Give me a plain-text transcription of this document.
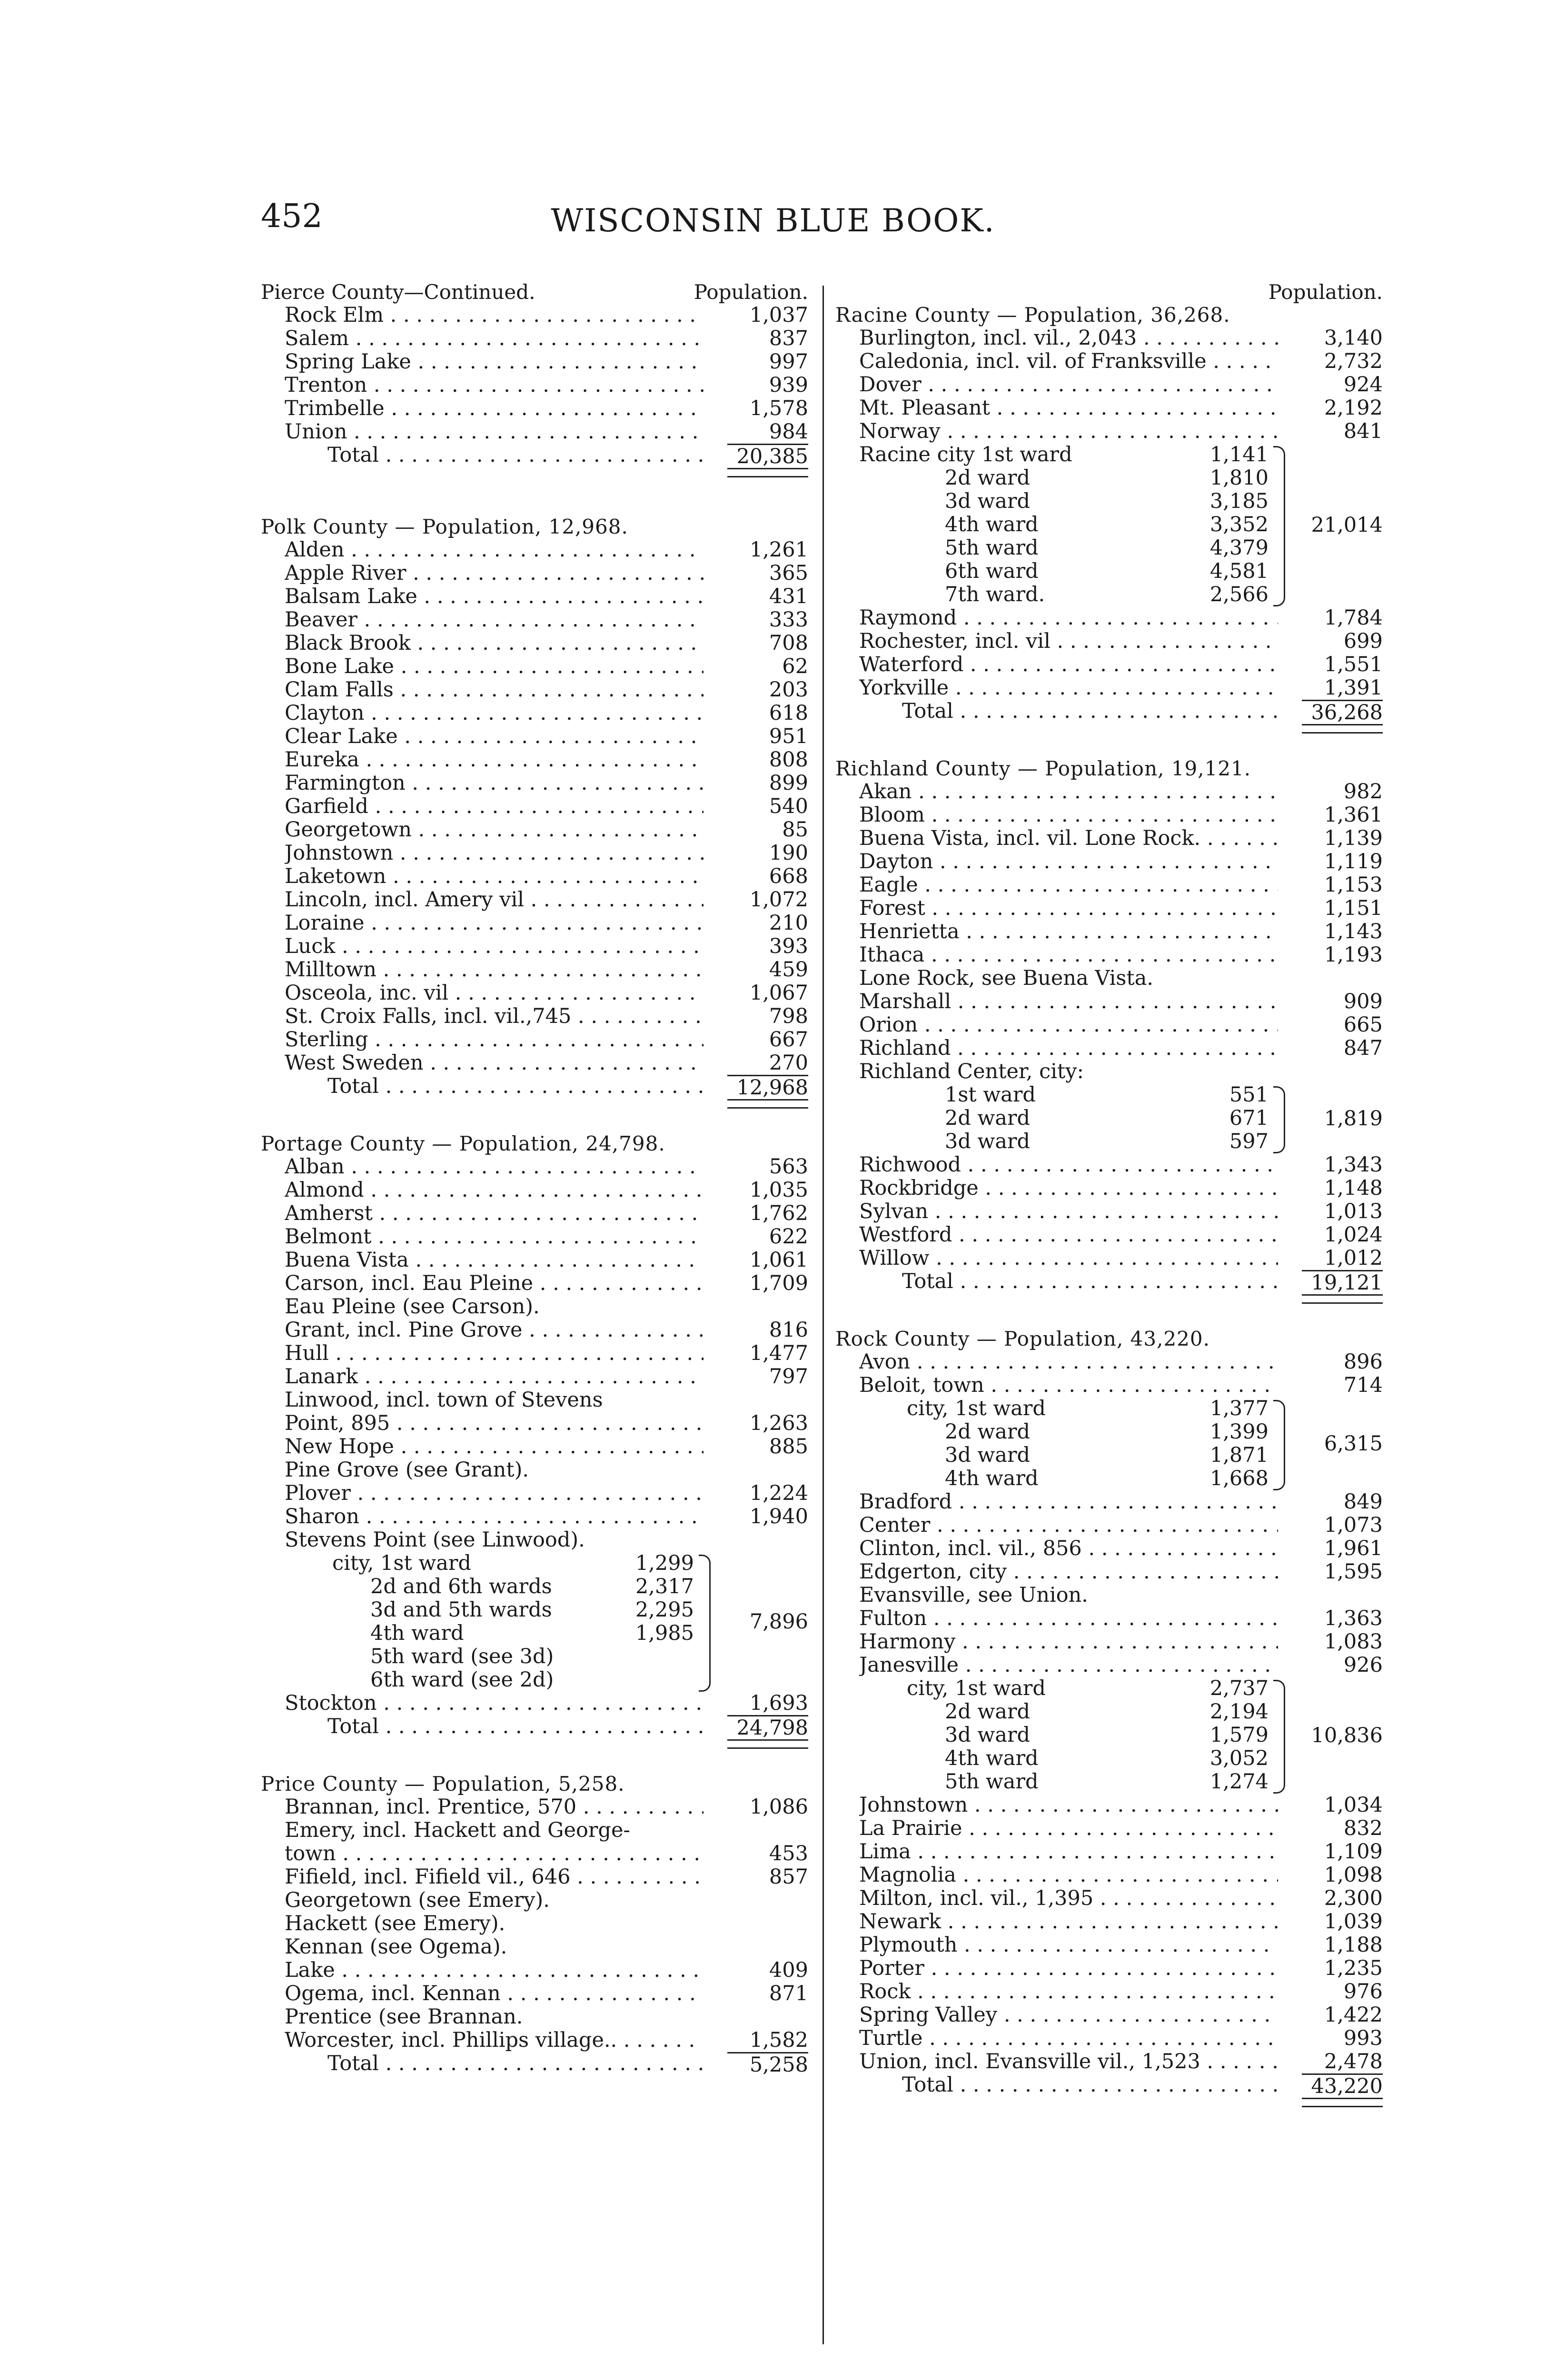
452	WISCONSIN BLUE BOOK.
Pierce County—Continued.	Population.
Rock Elm . . .	1,037
Salem . . .	837
Spring Lake . . .	997
Trenton . . .	939
Trimbelle . . .	1,578
Union . . .	984
Total . . .	20,385
Polk County — Population, 12,968.
Alden . . .	1,261
Apple River . . .	365
Balsam Lake . . .	431
Beaver . . .	333
Black Brook . . .	708
Bone Lake . . .	62
Clam Falls . . .	203
Clayton . . .	618
Clear Lake . . .	951
Eureka . . .	808
Farmington . . .	899
Garfield . . .	540
Georgetown . . .	85
Johnstown . . .	190
Laketown . . .	668
Lincoln, incl. Amery vil . . .	1,072
Loraine . . .	210
Luck . . .	393
Milltown . . .	459
Osceola, inc. vil . . .	1,067
St. Croix Falls, incl. vil.,745 . . .	798
Sterling . . .	667
West Sweden . . .	270
Total . . .	12,968
Portage County — Population, 24,798.
Alban . . .	563
Almond . . .	1,035
Amherst . . .	1,762
Belmont . . .	622
Buena Vista . . .	1,061
Carson, incl. Eau Pleine . . .	1,709
Eau Pleine (see Carson).
Grant, incl. Pine Grove . . .	816
Hull . . .	1,477
Lanark . . .	797
Linwood, incl. town of Stevens
Point, 895 . . .	1,263
New Hope . . .	885
Pine Grove (see Grant).
Plover . . .	1,224
Sharon . . .	1,940
Stevens Point (see Linwood).
city, 1st ward	1,299
2d and 6th wards	2,317
3d and 5th wards	2,295
4th ward	1,985
5th ward (see 3d)
6th ward (see 2d)
7,896
Stockton . . .	1,693
Total . . .	24,798
Price County — Population, 5,258.
Brannan, incl. Prentice, 570 . . .	1,086
Emery, incl. Hackett and George-
town . . .	453
Fifield, incl. Fifield vil., 646 . . .	857
Georgetown (see Emery).
Hackett (see Emery).
Kennan (see Ogema).
Lake . . .	409
Ogema, incl. Kennan . . .	871
Prentice (see Brannan.
Worcester, incl. Phillips village.. . . .	1,582
Total . . .	5,258
Population.
Racine County — Population, 36,268.
Burlington, incl. vil., 2,043 . . .	3,140
Caledonia, incl. vil. of Franksville . . .	2,732
Dover . . .	924
Mt. Pleasant . . .	2,192
Norway . . .	841
Racine city 1st ward	1,141
2d ward	1,810
3d ward	3,185
4th ward	3,352
5th ward	4,379
6th ward	4,581
7th ward.	2,566
21,014
Raymond . . .	1,784
Rochester, incl. vil . . .	699
Waterford . . .	1,551
Yorkville . . .	1,391
Total . . .	36,268
Richland County — Population, 19,121.
Akan . . .	982
Bloom . . .	1,361
Buena Vista, incl. vil. Lone Rock. . . .	1,139
Dayton . . .	1,119
Eagle . . .	1,153
Forest . . .	1,151
Henrietta . . .	1,143
Ithaca . . .	1,193
Lone Rock, see Buena Vista.
Marshall . . .	909
Orion . . .	665
Richland . . .	847
Richland Center, city:
1st ward	551
2d ward	671
3d ward	597
1,819
Richwood . . .	1,343
Rockbridge . . .	1,148
Sylvan . . .	1,013
Westford . . .	1,024
Willow . . .	1,012
Total . . .	19,121
Rock County — Population, 43,220.
Avon . . .	896
Beloit, town . . .	714
city, 1st ward	1,377
2d ward	1,399
3d ward	1,871
4th ward	1,668
6,315
Bradford . . .	849
Center . . .	1,073
Clinton, incl. vil., 856 . . .	1,961
Edgerton, city . . .	1,595
Evansville, see Union.
Fulton . . .	1,363
Harmony . . .	1,083
Janesville . . .	926
city, 1st ward	2,737
2d ward	2,194
3d ward	1,579
4th ward	3,052
5th ward	1,274
10,836
Johnstown . . .	1,034
La Prairie . . .	832
Lima . . .	1,109
Magnolia . . .	1,098
Milton, incl. vil., 1,395 . . .	2,300
Newark . . .	1,039
Plymouth . . .	1,188
Porter . . .	1,235
Rock . . .	976
Spring Valley . . .	1,422
Turtle . . .	993
Union, incl. Evansville vil., 1,523 . . .	2,478
Total . . .	43,220
